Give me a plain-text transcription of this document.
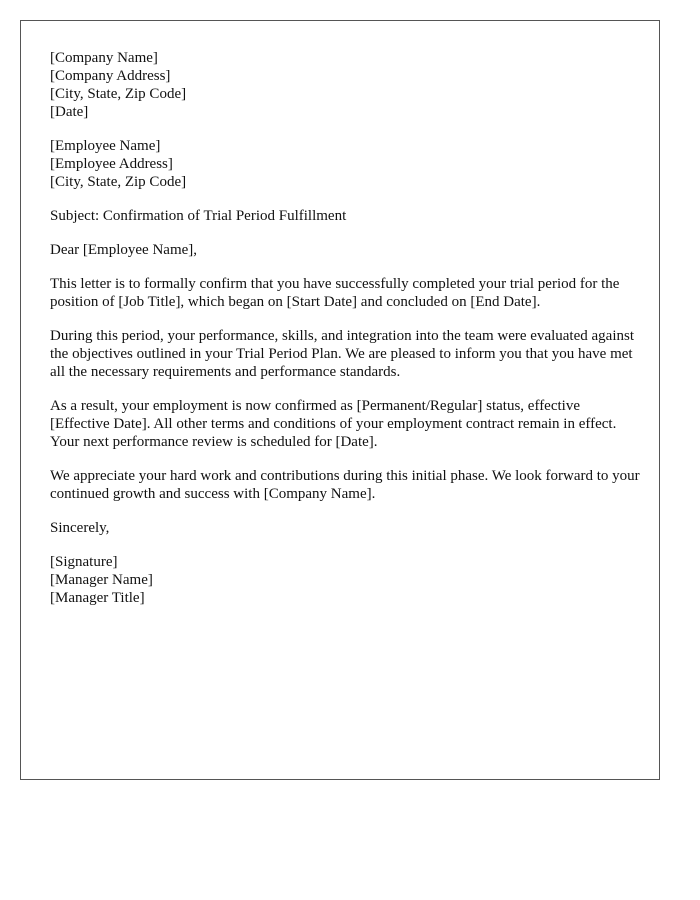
[Company Name]
[Company Address]
[City, State, Zip Code]
[Date]
[Employee Name]
[Employee Address]
[City, State, Zip Code]

Subject: Confirmation of Trial Period Fulfillment

Dear [Employee Name],

This letter is to formally confirm that you have successfully completed your trial period for the position of [Job Title], which began on [Start Date] and concluded on [End Date].

During this period, your performance, skills, and integration into the team were evaluated against the objectives outlined in your Trial Period Plan. We are pleased to inform you that you have met all the necessary requirements and performance standards.

As a result, your employment is now confirmed as [Permanent/Regular] status, effective [Effective Date]. All other terms and conditions of your employment contract remain in effect. Your next performance review is scheduled for [Date].

We appreciate your hard work and contributions during this initial phase. We look forward to your continued growth and success with [Company Name].

Sincerely,

[Signature]
[Manager Name]
[Manager Title]
